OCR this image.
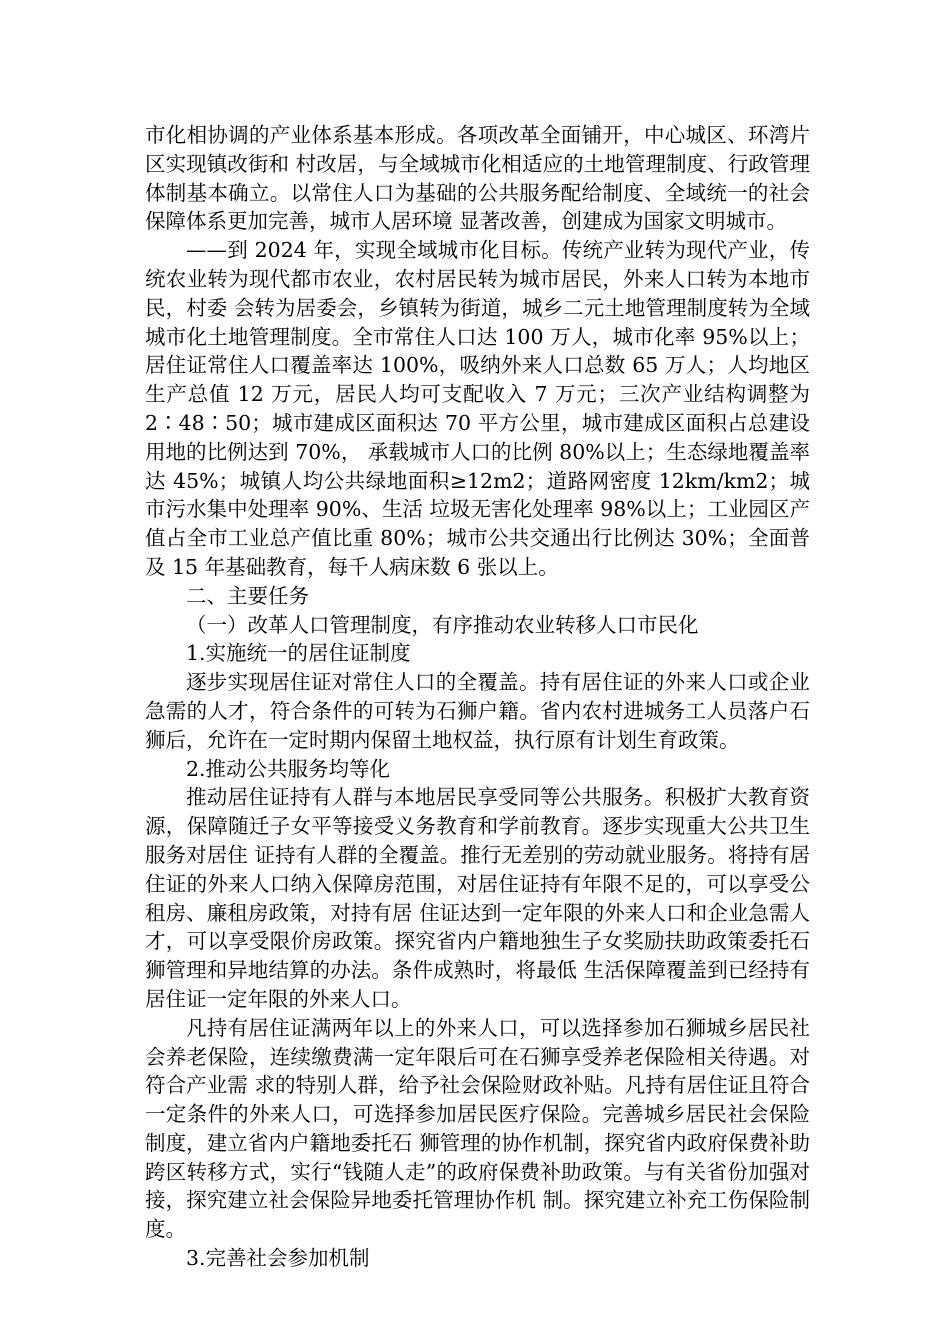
市化相协调的产业体系基本形成。各项改革全面铺开，中心城区、环湾片区实现镇改街和 村改居，与全域城市化相适应的土地管理制度、行政管理体制基本确立。以常住人口为基础的公共服务配给制度、全域统一的社会保障体系更加完善，城市人居环境 显著改善，创建成为国家文明城市。

——到 2024 年，实现全域城市化目标。传统产业转为现代产业，传统农业转为现代都市农业，农村居民转为城市居民，外来人口转为本地市民，村委 会转为居委会，乡镇转为街道，城乡二元土地管理制度转为全域城市化土地管理制度。全市常住人口达 100 万人，城市化率 95%以上；居住证常住人口覆盖率达 100%，吸纳外来人口总数 65 万人；人均地区生产总值 12 万元，居民人均可支配收入 7 万元；三次产业结构调整为 2∶48∶50；城市建成区面积达 70 平方公里，城市建成区面积占总建设用地的比例达到 70%， 承载城市人口的比例 80%以上；生态绿地覆盖率达 45%；城镇人均公共绿地面积≥12m2；道路网密度 12km/km2；城市污水集中处理率 90%、生活 垃圾无害化处理率 98%以上；工业园区产值占全市工业总产值比重 80%；城市公共交通出行比例达 30%；全面普及 15 年基础教育，每千人病床数 6 张以上。

二、主要任务

（一）改革人口管理制度，有序推动农业转移人口市民化

1.实施统一的居住证制度

逐步实现居住证对常住人口的全覆盖。持有居住证的外来人口或企业急需的人才，符合条件的可转为石狮户籍。省内农村进城务工人员落户石狮后，允许在一定时期内保留土地权益，执行原有计划生育政策。

2.推动公共服务均等化

推动居住证持有人群与本地居民享受同等公共服务。积极扩大教育资源，保障随迁子女平等接受义务教育和学前教育。逐步实现重大公共卫生服务对居住 证持有人群的全覆盖。推行无差别的劳动就业服务。将持有居住证的外来人口纳入保障房范围，对居住证持有年限不足的，可以享受公租房、廉租房政策，对持有居 住证达到一定年限的外来人口和企业急需人才，可以享受限价房政策。探究省内户籍地独生子女奖励扶助政策委托石狮管理和异地结算的办法。条件成熟时，将最低 生活保障覆盖到已经持有居住证一定年限的外来人口。

凡持有居住证满两年以上的外来人口，可以选择参加石狮城乡居民社会养老保险，连续缴费满一定年限后可在石狮享受养老保险相关待遇。对符合产业需 求的特别人群，给予社会保险财政补贴。凡持有居住证且符合一定条件的外来人口，可选择参加居民医疗保险。完善城乡居民社会保险制度，建立省内户籍地委托石 狮管理的协作机制，探究省内政府保费补助跨区转移方式，实行“钱随人走”的政府保费补助政策。与有关省份加强对接，探究建立社会保险异地委托管理协作机 制。探究建立补充工伤保险制度。

3.完善社会参加机制
